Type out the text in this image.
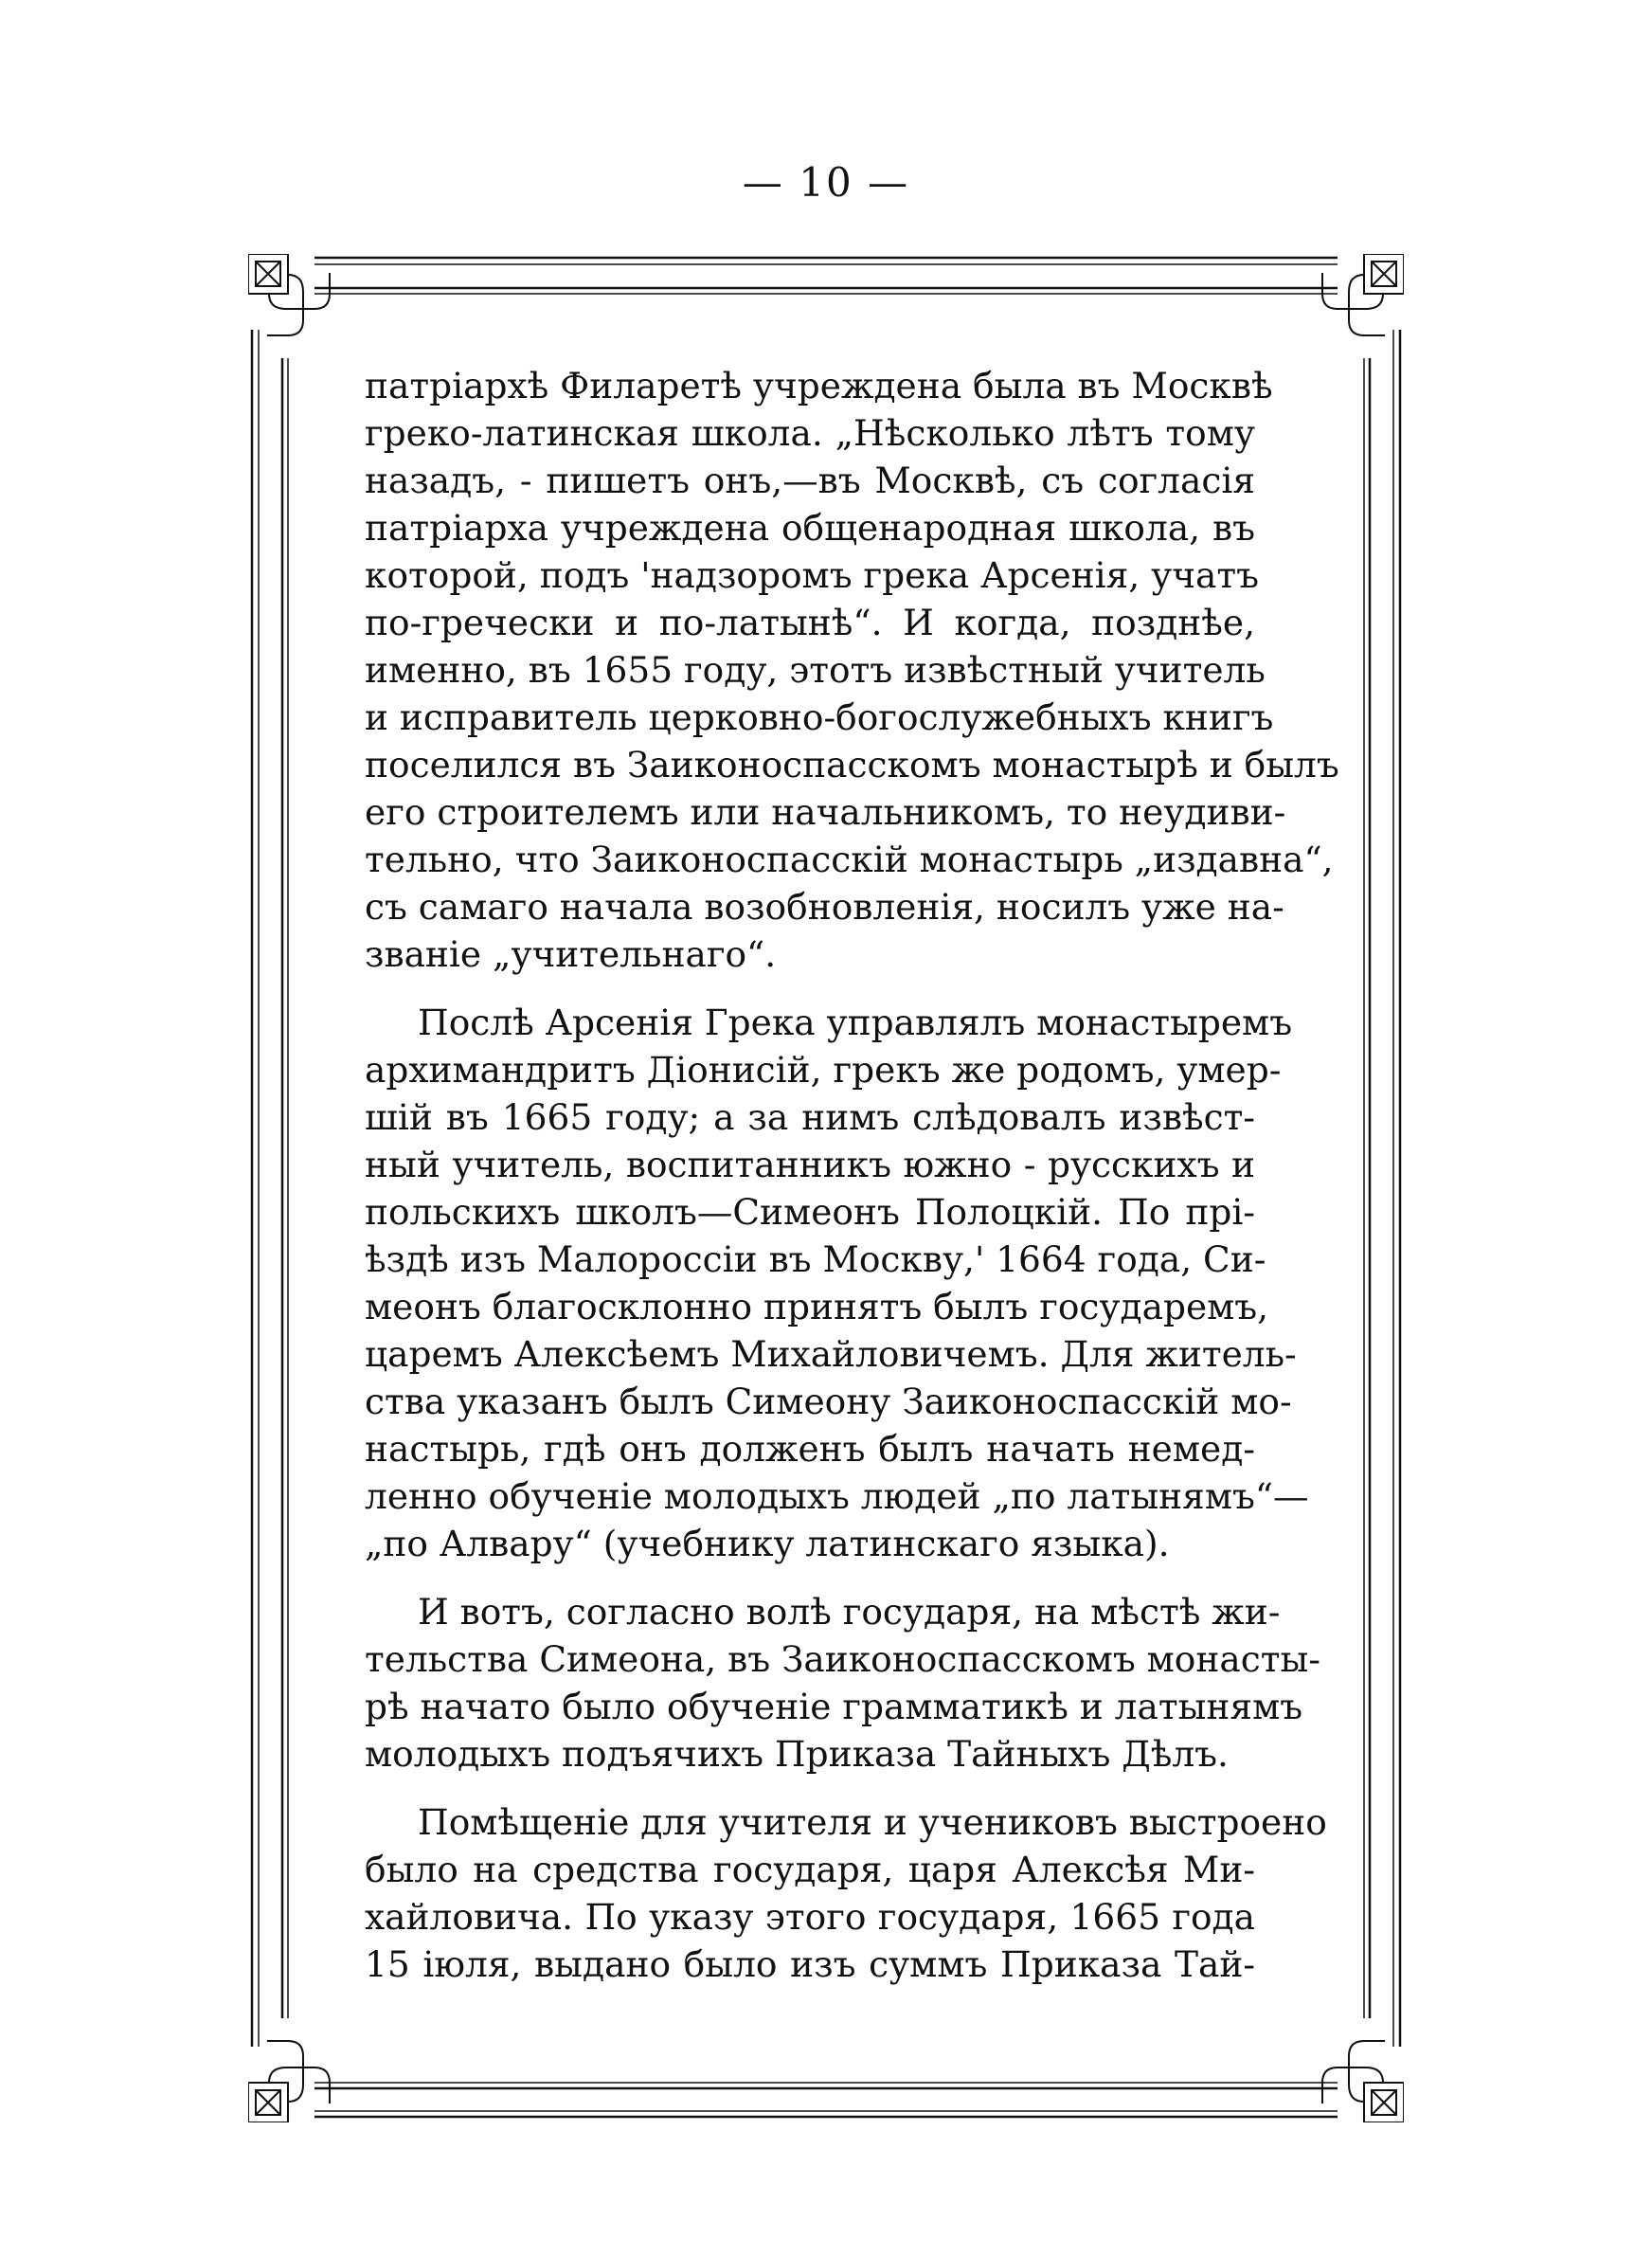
— 10 —
патріархѣ Филаретѣ учреждена была въ Москвѣ
греко-латинская школа. „Нѣсколько лѣтъ тому
назадъ, - пишетъ онъ,—въ Москвѣ, съ согласія
патріарха учреждена общенародная школа, въ
которой, подъ 'надзоромъ грека Арсенія, учатъ
по-гречески и по-латынѣ“. И когда, позднѣе,
именно, въ 1655 году, этотъ извѣстный учитель
и исправитель церковно-богослужебныхъ книгъ
поселился въ Заиконоспасскомъ монастырѣ и былъ
его строителемъ или начальникомъ, то неудиви-
тельно, что Заиконоспасскій монастырь „издавна“,
съ самаго начала возобновленія, носилъ уже на-
званіе „учительнаго“.
Послѣ Арсенія Грека управлялъ монастыремъ
архимандритъ Діонисій, грекъ же родомъ, умер-
шій въ 1665 году; а за нимъ слѣдовалъ извѣст-
ный учитель, воспитанникъ южно - русскихъ и
польскихъ школъ—Симеонъ Полоцкій. По прі-
ѣздѣ изъ Малороссіи въ Москву,' 1664 года, Си-
меонъ благосклонно принятъ былъ государемъ,
царемъ Алексѣемъ Михайловичемъ. Для житель-
ства указанъ былъ Симеону Заиконоспасскій мо-
настырь, гдѣ онъ долженъ былъ начать немед-
ленно обученіе молодыхъ людей „по латынямъ“—
„по Алвару“ (учебнику латинскаго языка).
И вотъ, согласно волѣ государя, на мѣстѣ жи-
тельства Симеона, въ Заиконоспасскомъ монасты-
рѣ начато было обученіе грамматикѣ и латынямъ
молодыхъ подъячихъ Приказа Тайныхъ Дѣлъ.
Помѣщеніе для учителя и учениковъ выстроено
было на средства государя, царя Алексѣя Ми-
хайловича. По указу этого государя, 1665 года
15 іюля, выдано было изъ суммъ Приказа Тай-
